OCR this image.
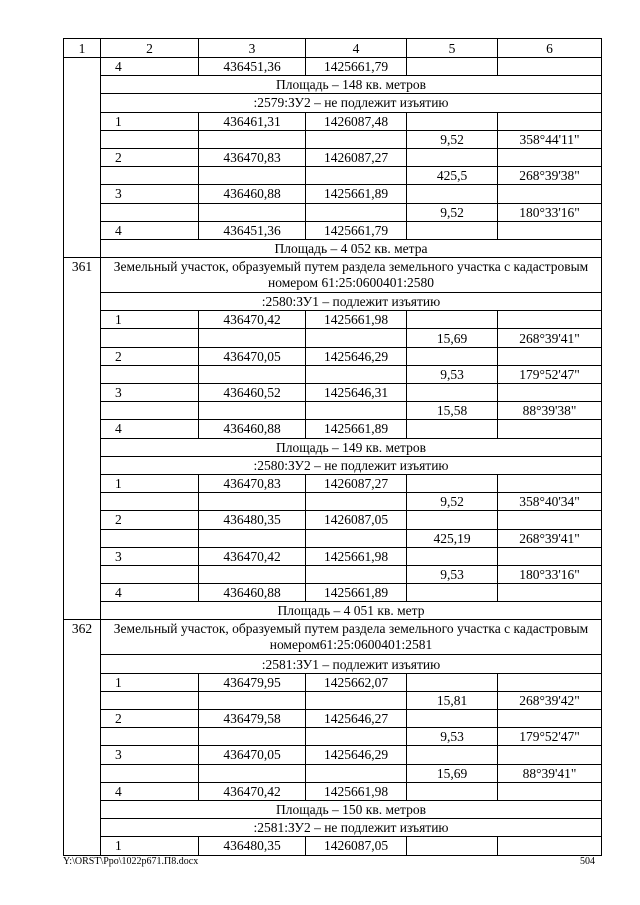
1	2	3	4	5	6
	4	436451,36	1425661,79		
	Площадь – 148 кв. метров				
	:2579:ЗУ2 – не подлежит изъятию				
	1	436461,31	1426087,48		
				9,52	358°44'11"
	2	436470,83	1426087,27		
				425,5	268°39'38"
	3	436460,88	1425661,89		
				9,52	180°33'16"
	4	436451,36	1425661,79		
	Площадь – 4 052 кв. метра				
361	Земельный участок, образуемый путем раздела земельного участка с кадастровым номером 61:25:0600401:2580				
	:2580:ЗУ1 – подлежит изъятию				
	1	436470,42	1425661,98		
				15,69	268°39'41"
	2	436470,05	1425646,29		
				9,53	179°52'47"
	3	436460,52	1425646,31		
				15,58	88°39'38"
	4	436460,88	1425661,89		
	Площадь – 149 кв. метров				
	:2580:ЗУ2 – не подлежит изъятию				
	1	436470,83	1426087,27		
				9,52	358°40'34"
	2	436480,35	1426087,05		
				425,19	268°39'41"
	3	436470,42	1425661,98		
				9,53	180°33'16"
	4	436460,88	1425661,89		
	Площадь – 4 051 кв. метр				
362	Земельный участок, образуемый путем раздела земельного участка с кадастровым номером61:25:0600401:2581				
	:2581:ЗУ1 – подлежит изъятию				
	1	436479,95	1425662,07		
				15,81	268°39'42"
	2	436479,58	1425646,27		
				9,53	179°52'47"
	3	436470,05	1425646,29		
				15,69	88°39'41"
	4	436470,42	1425661,98		
	Площадь – 150 кв. метров				
	:2581:ЗУ2 – не подлежит изъятию				
	1	436480,35	1426087,05		
Y:\ORST\Ppo\1022p671.П8.docx	504
